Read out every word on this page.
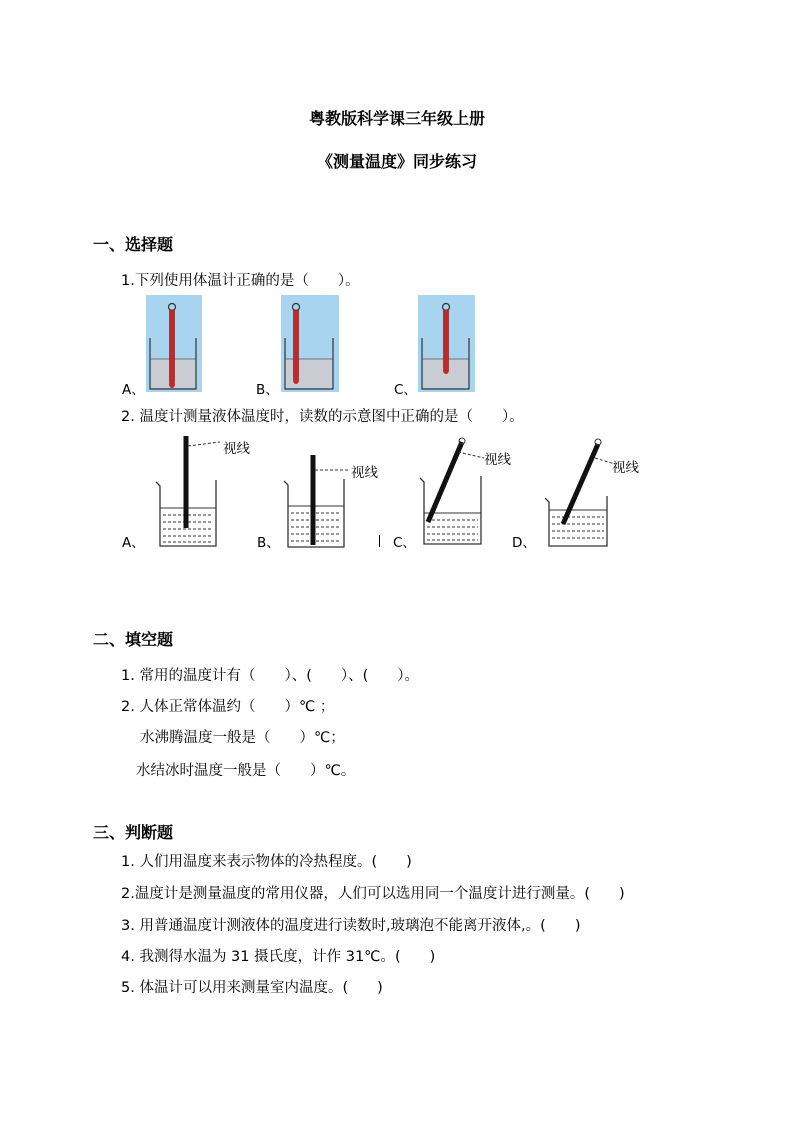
粤教版科学课三年级上册
《测量温度》同步练习
一、选择题
1.下列使用体温计正确的是（　　）。
A、	B、	C、
2. 温度计测量液体温度时，读数的示意图中正确的是（　　）。
视线
A、
视线
B、
视线
C、
视线
D、
二、填空题
1. 常用的温度计有（　　）、(　　）、(　　）。
2. 人体正常体温约（　　）℃ ；
水沸腾温度一般是（　　）℃；
水结冰时温度一般是（　　）℃。
三、判断题
1. 人们用温度来表示物体的冷热程度。(　　)
2.温度计是测量温度的常用仪器，人们可以选用同一个温度计进行测量。(　　)
3. 用普通温度计测液体的温度进行读数时,玻璃泡不能离开液体,。(　　)
4. 我测得水温为 31 摄氏度，计作 31℃。(　　)
5. 体温计可以用来测量室内温度。(　　)
